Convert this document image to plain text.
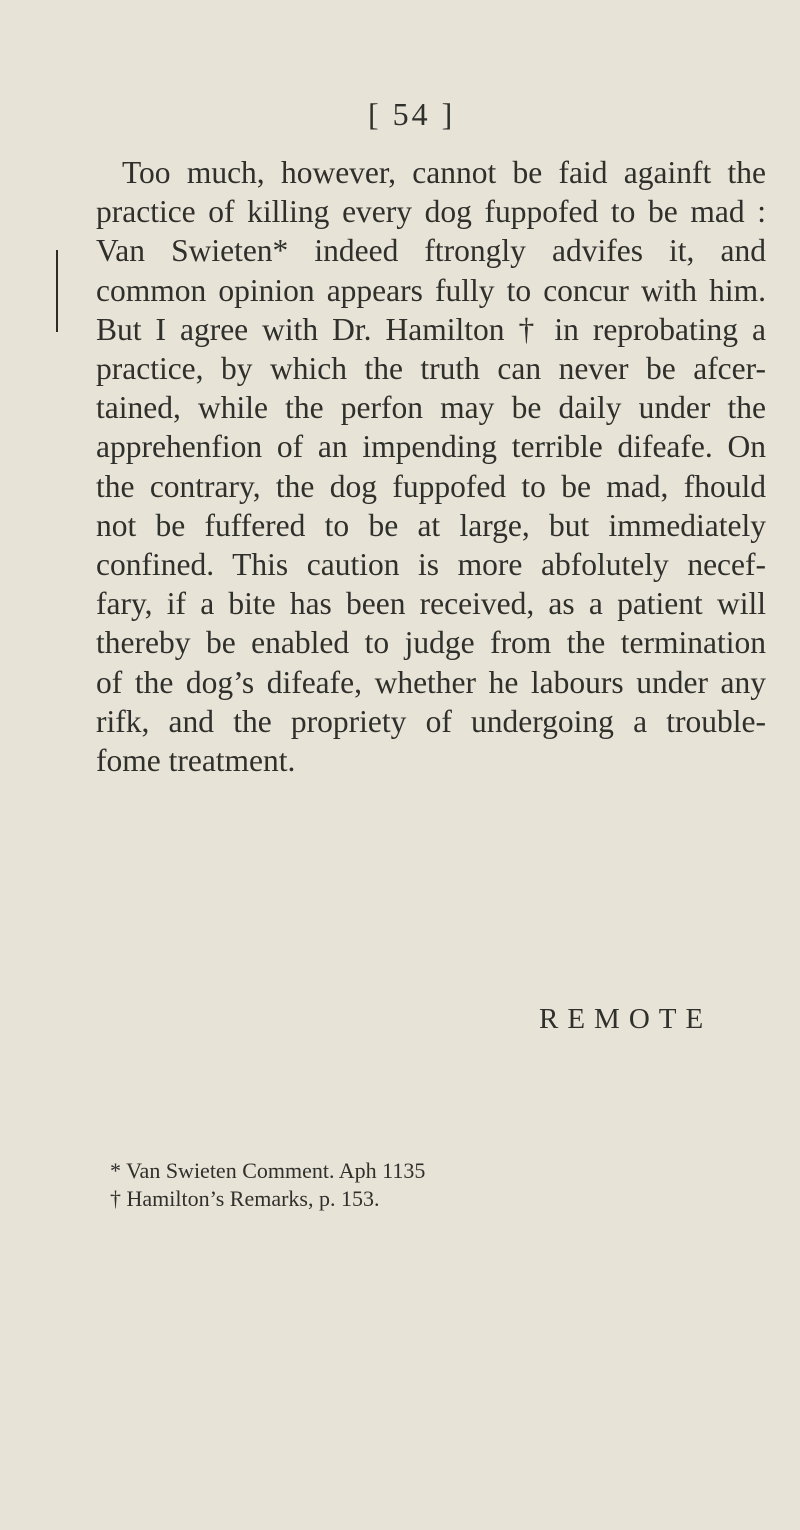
[ 54 ]
Too much, however, cannot be faid againft the
practice of killing every dog fuppofed to be mad :
Van Swieten* indeed ftrongly advifes it, and
common opinion appears fully to concur with him.
But I agree with Dr. Hamilton † in reprobating a
practice, by which the truth can never be afcer-
tained, while the perfon may be daily under the
apprehenfion of an impending terrible difeafe. On
the contrary, the dog fuppofed to be mad, fhould
not be fuffered to be at large, but immediately
confined. This caution is more abfolutely necef-
fary, if a bite has been received, as a patient will
thereby be enabled to judge from the termination
of the dog’s difeafe, whether he labours under any
rifk, and the propriety of undergoing a trouble-
fome treatment.
REMOTE
* Van Swieten Comment. Aph 1135
† Hamilton’s Remarks, p. 153.
